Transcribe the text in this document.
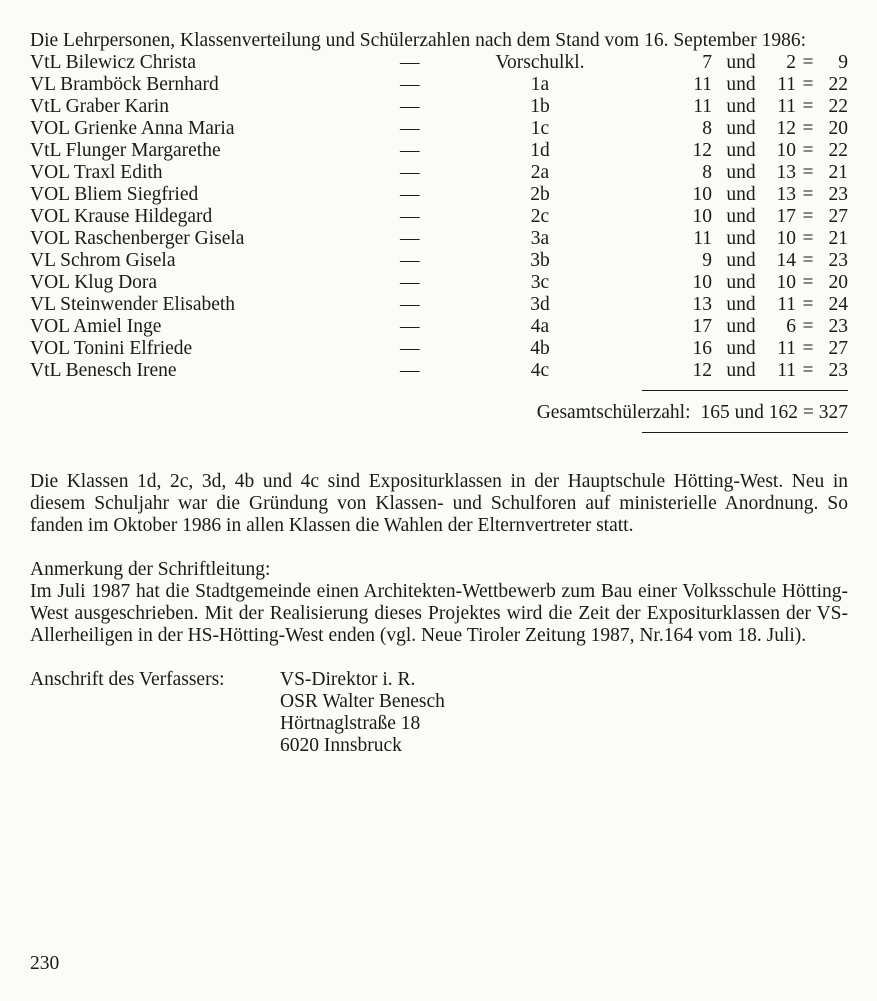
Die Lehrpersonen, Klassenverteilung und Schülerzahlen nach dem Stand vom 16. September 1986:

VtL Bilewicz Christa	—	Vorschulkl.	7 und 2 = 9
VL Bramböck Bernhard	—	1a	11 und 11 = 22
VtL Graber Karin	—	1b	11 und 11 = 22
VOL Grienke Anna Maria	—	1c	8 und 12 = 20
VtL Flunger Margarethe	—	1d	12 und 10 = 22
VOL Traxl Edith	—	2a	8 und 13 = 21
VOL Bliem Siegfried	—	2b	10 und 13 = 23
VOL Krause Hildegard	—	2c	10 und 17 = 27
VOL Raschenberger Gisela	—	3a	11 und 10 = 21
VL Schrom Gisela	—	3b	9 und 14 = 23
VOL Klug Dora	—	3c	10 und 10 = 20
VL Steinwender Elisabeth	—	3d	13 und 11 = 24
VOL Amiel Inge	—	4a	17 und 6 = 23
VOL Tonini Elfriede	—	4b	16 und 11 = 27
VtL Benesch Irene	—	4c	12 und 11 = 23
Gesamtschülerzahl: 165 und 162 = 327

Die Klassen 1d, 2c, 3d, 4b und 4c sind Expositurklassen in der Hauptschule Hötting-West. Neu in diesem Schuljahr war die Gründung von Klassen- und Schulforen auf ministerielle Anordnung. So fanden im Oktober 1986 in allen Klassen die Wahlen der Elternvertreter statt.

Anmerkung der Schriftleitung:

Im Juli 1987 hat die Stadtgemeinde einen Architekten-Wettbewerb zum Bau einer Volksschule Hötting-West ausgeschrieben. Mit der Realisierung dieses Projektes wird die Zeit der Expositurklassen der VS-Allerheiligen in der HS-Hötting-West enden (vgl. Neue Tiroler Zeitung 1987, Nr.164 vom 18. Juli).

Anschrift des Verfassers:	VS-Direktor i. R.
OSR Walter Benesch
Hörtnaglstraße 18
6020 Innsbruck
230
